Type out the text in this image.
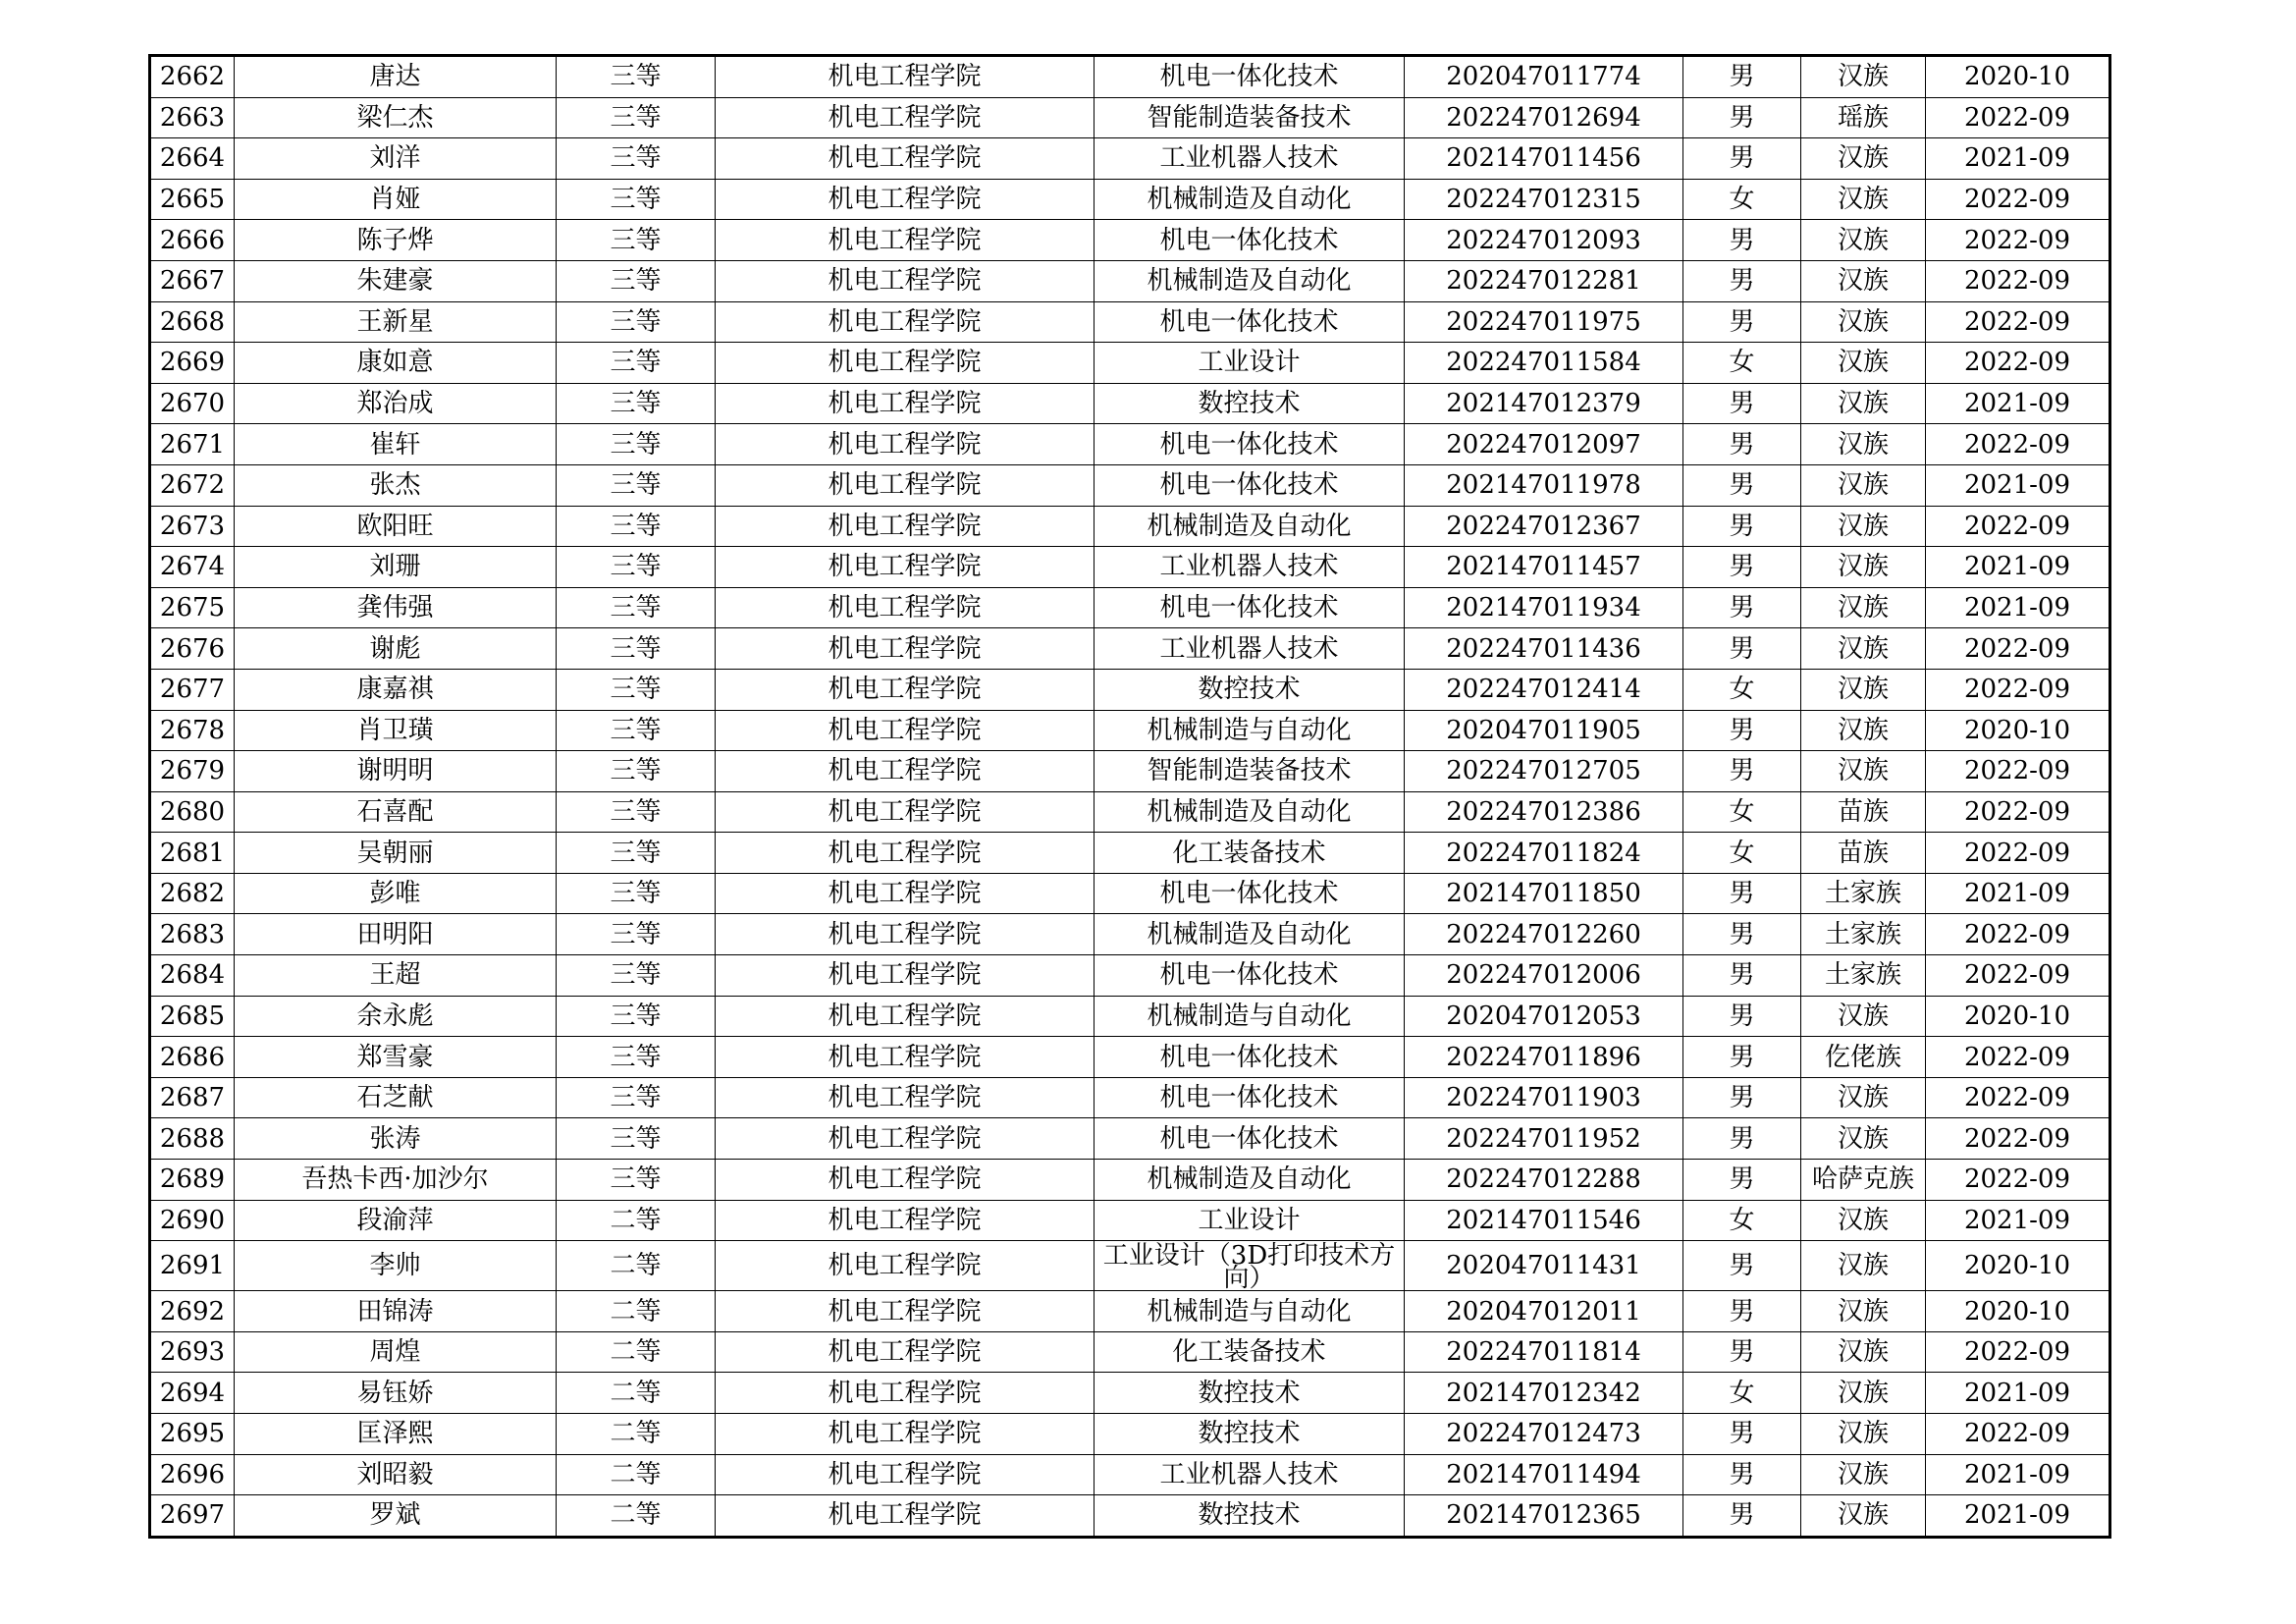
2662	唐达	三等	机电工程学院	机电一体化技术	202047011774	男	汉族	2020-10
2663	梁仁杰	三等	机电工程学院	智能制造装备技术	202247012694	男	瑶族	2022-09
2664	刘洋	三等	机电工程学院	工业机器人技术	202147011456	男	汉族	2021-09
2665	肖娅	三等	机电工程学院	机械制造及自动化	202247012315	女	汉族	2022-09
2666	陈子烨	三等	机电工程学院	机电一体化技术	202247012093	男	汉族	2022-09
2667	朱建豪	三等	机电工程学院	机械制造及自动化	202247012281	男	汉族	2022-09
2668	王新星	三等	机电工程学院	机电一体化技术	202247011975	男	汉族	2022-09
2669	康如意	三等	机电工程学院	工业设计	202247011584	女	汉族	2022-09
2670	郑治成	三等	机电工程学院	数控技术	202147012379	男	汉族	2021-09
2671	崔轩	三等	机电工程学院	机电一体化技术	202247012097	男	汉族	2022-09
2672	张杰	三等	机电工程学院	机电一体化技术	202147011978	男	汉族	2021-09
2673	欧阳旺	三等	机电工程学院	机械制造及自动化	202247012367	男	汉族	2022-09
2674	刘珊	三等	机电工程学院	工业机器人技术	202147011457	男	汉族	2021-09
2675	龚伟强	三等	机电工程学院	机电一体化技术	202147011934	男	汉族	2021-09
2676	谢彪	三等	机电工程学院	工业机器人技术	202247011436	男	汉族	2022-09
2677	康嘉祺	三等	机电工程学院	数控技术	202247012414	女	汉族	2022-09
2678	肖卫璜	三等	机电工程学院	机械制造与自动化	202047011905	男	汉族	2020-10
2679	谢明明	三等	机电工程学院	智能制造装备技术	202247012705	男	汉族	2022-09
2680	石喜配	三等	机电工程学院	机械制造及自动化	202247012386	女	苗族	2022-09
2681	吴朝丽	三等	机电工程学院	化工装备技术	202247011824	女	苗族	2022-09
2682	彭唯	三等	机电工程学院	机电一体化技术	202147011850	男	土家族	2021-09
2683	田明阳	三等	机电工程学院	机械制造及自动化	202247012260	男	土家族	2022-09
2684	王超	三等	机电工程学院	机电一体化技术	202247012006	男	土家族	2022-09
2685	余永彪	三等	机电工程学院	机械制造与自动化	202047012053	男	汉族	2020-10
2686	郑雪豪	三等	机电工程学院	机电一体化技术	202247011896	男	仡佬族	2022-09
2687	石芝献	三等	机电工程学院	机电一体化技术	202247011903	男	汉族	2022-09
2688	张涛	三等	机电工程学院	机电一体化技术	202247011952	男	汉族	2022-09
2689	吾热卡西·加沙尔	三等	机电工程学院	机械制造及自动化	202247012288	男	哈萨克族	2022-09
2690	段渝萍	二等	机电工程学院	工业设计	202147011546	女	汉族	2021-09
2691	李帅	二等	机电工程学院	工业设计（3D打印技术方向）	202047011431	男	汉族	2020-10
2692	田锦涛	二等	机电工程学院	机械制造与自动化	202047012011	男	汉族	2020-10
2693	周煌	二等	机电工程学院	化工装备技术	202247011814	男	汉族	2022-09
2694	易钰娇	二等	机电工程学院	数控技术	202147012342	女	汉族	2021-09
2695	匡泽熙	二等	机电工程学院	数控技术	202247012473	男	汉族	2022-09
2696	刘昭毅	二等	机电工程学院	工业机器人技术	202147011494	男	汉族	2021-09
2697	罗斌	二等	机电工程学院	数控技术	202147012365	男	汉族	2021-09
